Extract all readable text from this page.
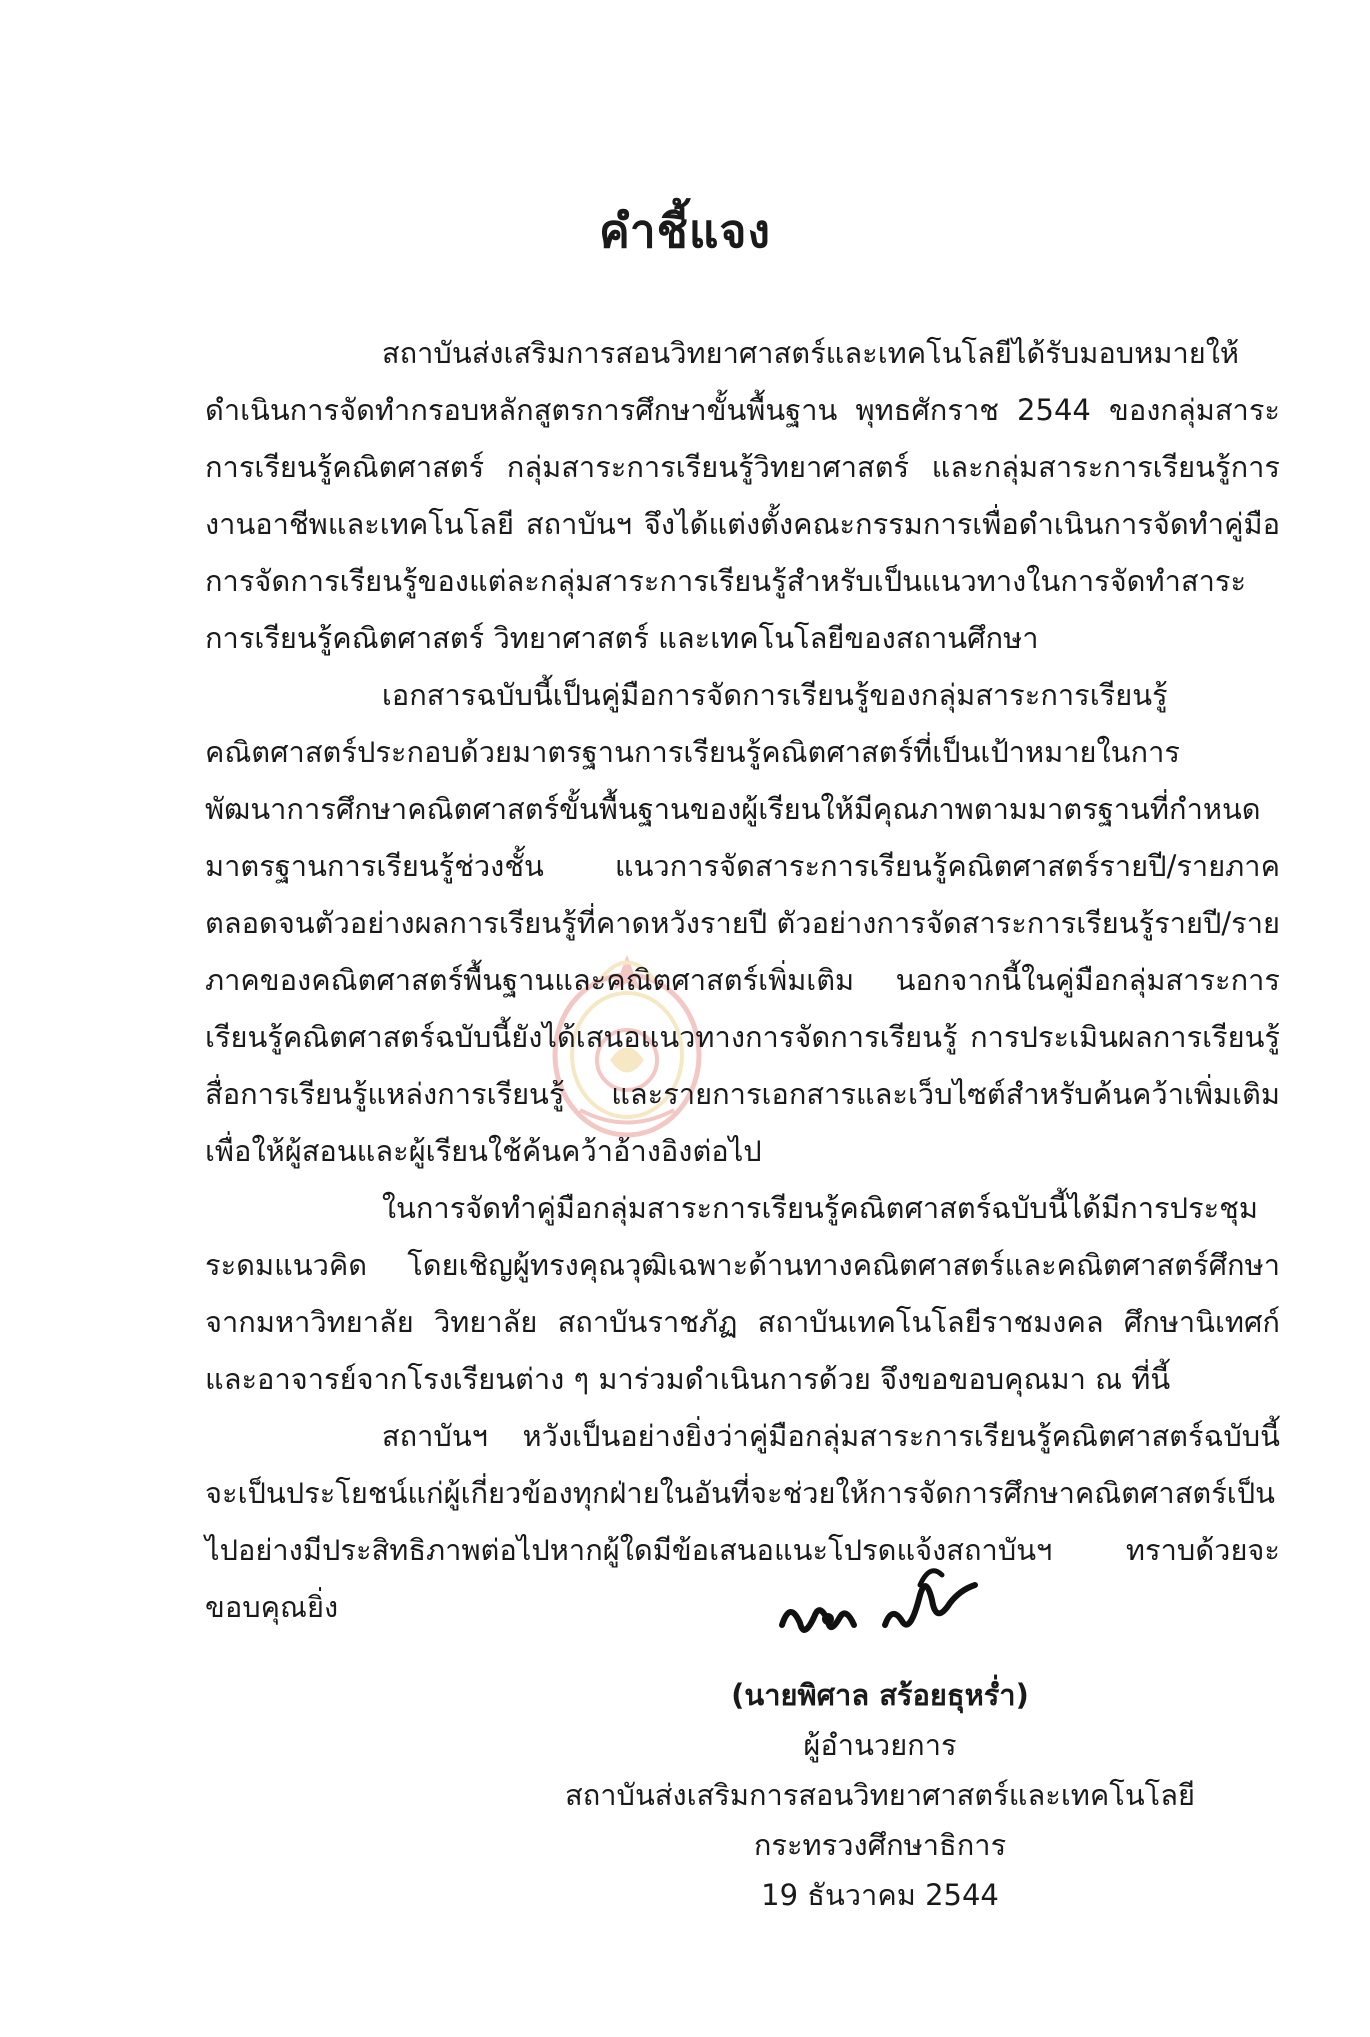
คำชี้แจง

สถาบันส่งเสริมการสอนวิทยาศาสตร์และเทคโนโลยีได้รับมอบหมายให้ดำเนินการจัดทำกรอบหลักสูตรการศึกษาขั้นพื้นฐาน พุทธศักราช 2544 ของกลุ่มสาระการเรียนรู้คณิตศาสตร์ กลุ่มสาระการเรียนรู้วิทยาศาสตร์ และกลุ่มสาระการเรียนรู้การงานอาชีพและเทคโนโลยี สถาบันฯ จึงได้แต่งตั้งคณะกรรมการเพื่อดำเนินการจัดทำคู่มือการจัดการเรียนรู้ของแต่ละกลุ่มสาระการเรียนรู้สำหรับเป็นแนวทางในการจัดทำสาระการเรียนรู้คณิตศาสตร์ วิทยาศาสตร์ และเทคโนโลยีของสถานศึกษา

เอกสารฉบับนี้เป็นคู่มือการจัดการเรียนรู้ของกลุ่มสาระการเรียนรู้คณิตศาสตร์ประกอบด้วยมาตรฐานการเรียนรู้คณิตศาสตร์ที่เป็นเป้าหมายในการพัฒนาการศึกษาคณิตศาสตร์ขั้นพื้นฐานของผู้เรียนให้มีคุณภาพตามมาตรฐานที่กำหนด มาตรฐานการเรียนรู้ช่วงชั้น แนวการจัดสาระการเรียนรู้คณิตศาสตร์รายปี/รายภาค ตลอดจนตัวอย่างผลการเรียนรู้ที่คาดหวังรายปี ตัวอย่างการจัดสาระการเรียนรู้รายปี/รายภาคของคณิตศาสตร์พื้นฐานและคณิตศาสตร์เพิ่มเติม นอกจากนี้ในคู่มือกลุ่มสาระการเรียนรู้คณิตศาสตร์ฉบับนี้ยังได้เสนอแนวทางการจัดการเรียนรู้ การประเมินผลการเรียนรู้ สื่อการเรียนรู้แหล่งการเรียนรู้ และรายการเอกสารและเว็บไซต์สำหรับค้นคว้าเพิ่มเติม เพื่อให้ผู้สอนและผู้เรียนใช้ค้นคว้าอ้างอิงต่อไป

ในการจัดทำคู่มือกลุ่มสาระการเรียนรู้คณิตศาสตร์ฉบับนี้ได้มีการประชุมระดมแนวคิด โดยเชิญผู้ทรงคุณวุฒิเฉพาะด้านทางคณิตศาสตร์และคณิตศาสตร์ศึกษาจากมหาวิทยาลัย วิทยาลัย สถาบันราชภัฏ สถาบันเทคโนโลยีราชมงคล ศึกษานิเทศก์ และอาจารย์จากโรงเรียนต่าง ๆ มาร่วมดำเนินการด้วย จึงขอขอบคุณมา ณ ที่นี้

สถาบันฯ หวังเป็นอย่างยิ่งว่าคู่มือกลุ่มสาระการเรียนรู้คณิตศาสตร์ฉบับนี้ จะเป็นประโยชน์แก่ผู้เกี่ยวข้องทุกฝ่ายในอันที่จะช่วยให้การจัดการศึกษาคณิตศาสตร์เป็นไปอย่างมีประสิทธิภาพต่อไปหากผู้ใดมีข้อเสนอแนะโปรดแจ้งสถาบันฯ ทราบด้วยจะขอบคุณยิ่ง

(นายพิศาล สร้อยธุหร่ำ)
ผู้อำนวยการ
สถาบันส่งเสริมการสอนวิทยาศาสตร์และเทคโนโลยี
กระทรวงศึกษาธิการ
19 ธันวาคม 2544
